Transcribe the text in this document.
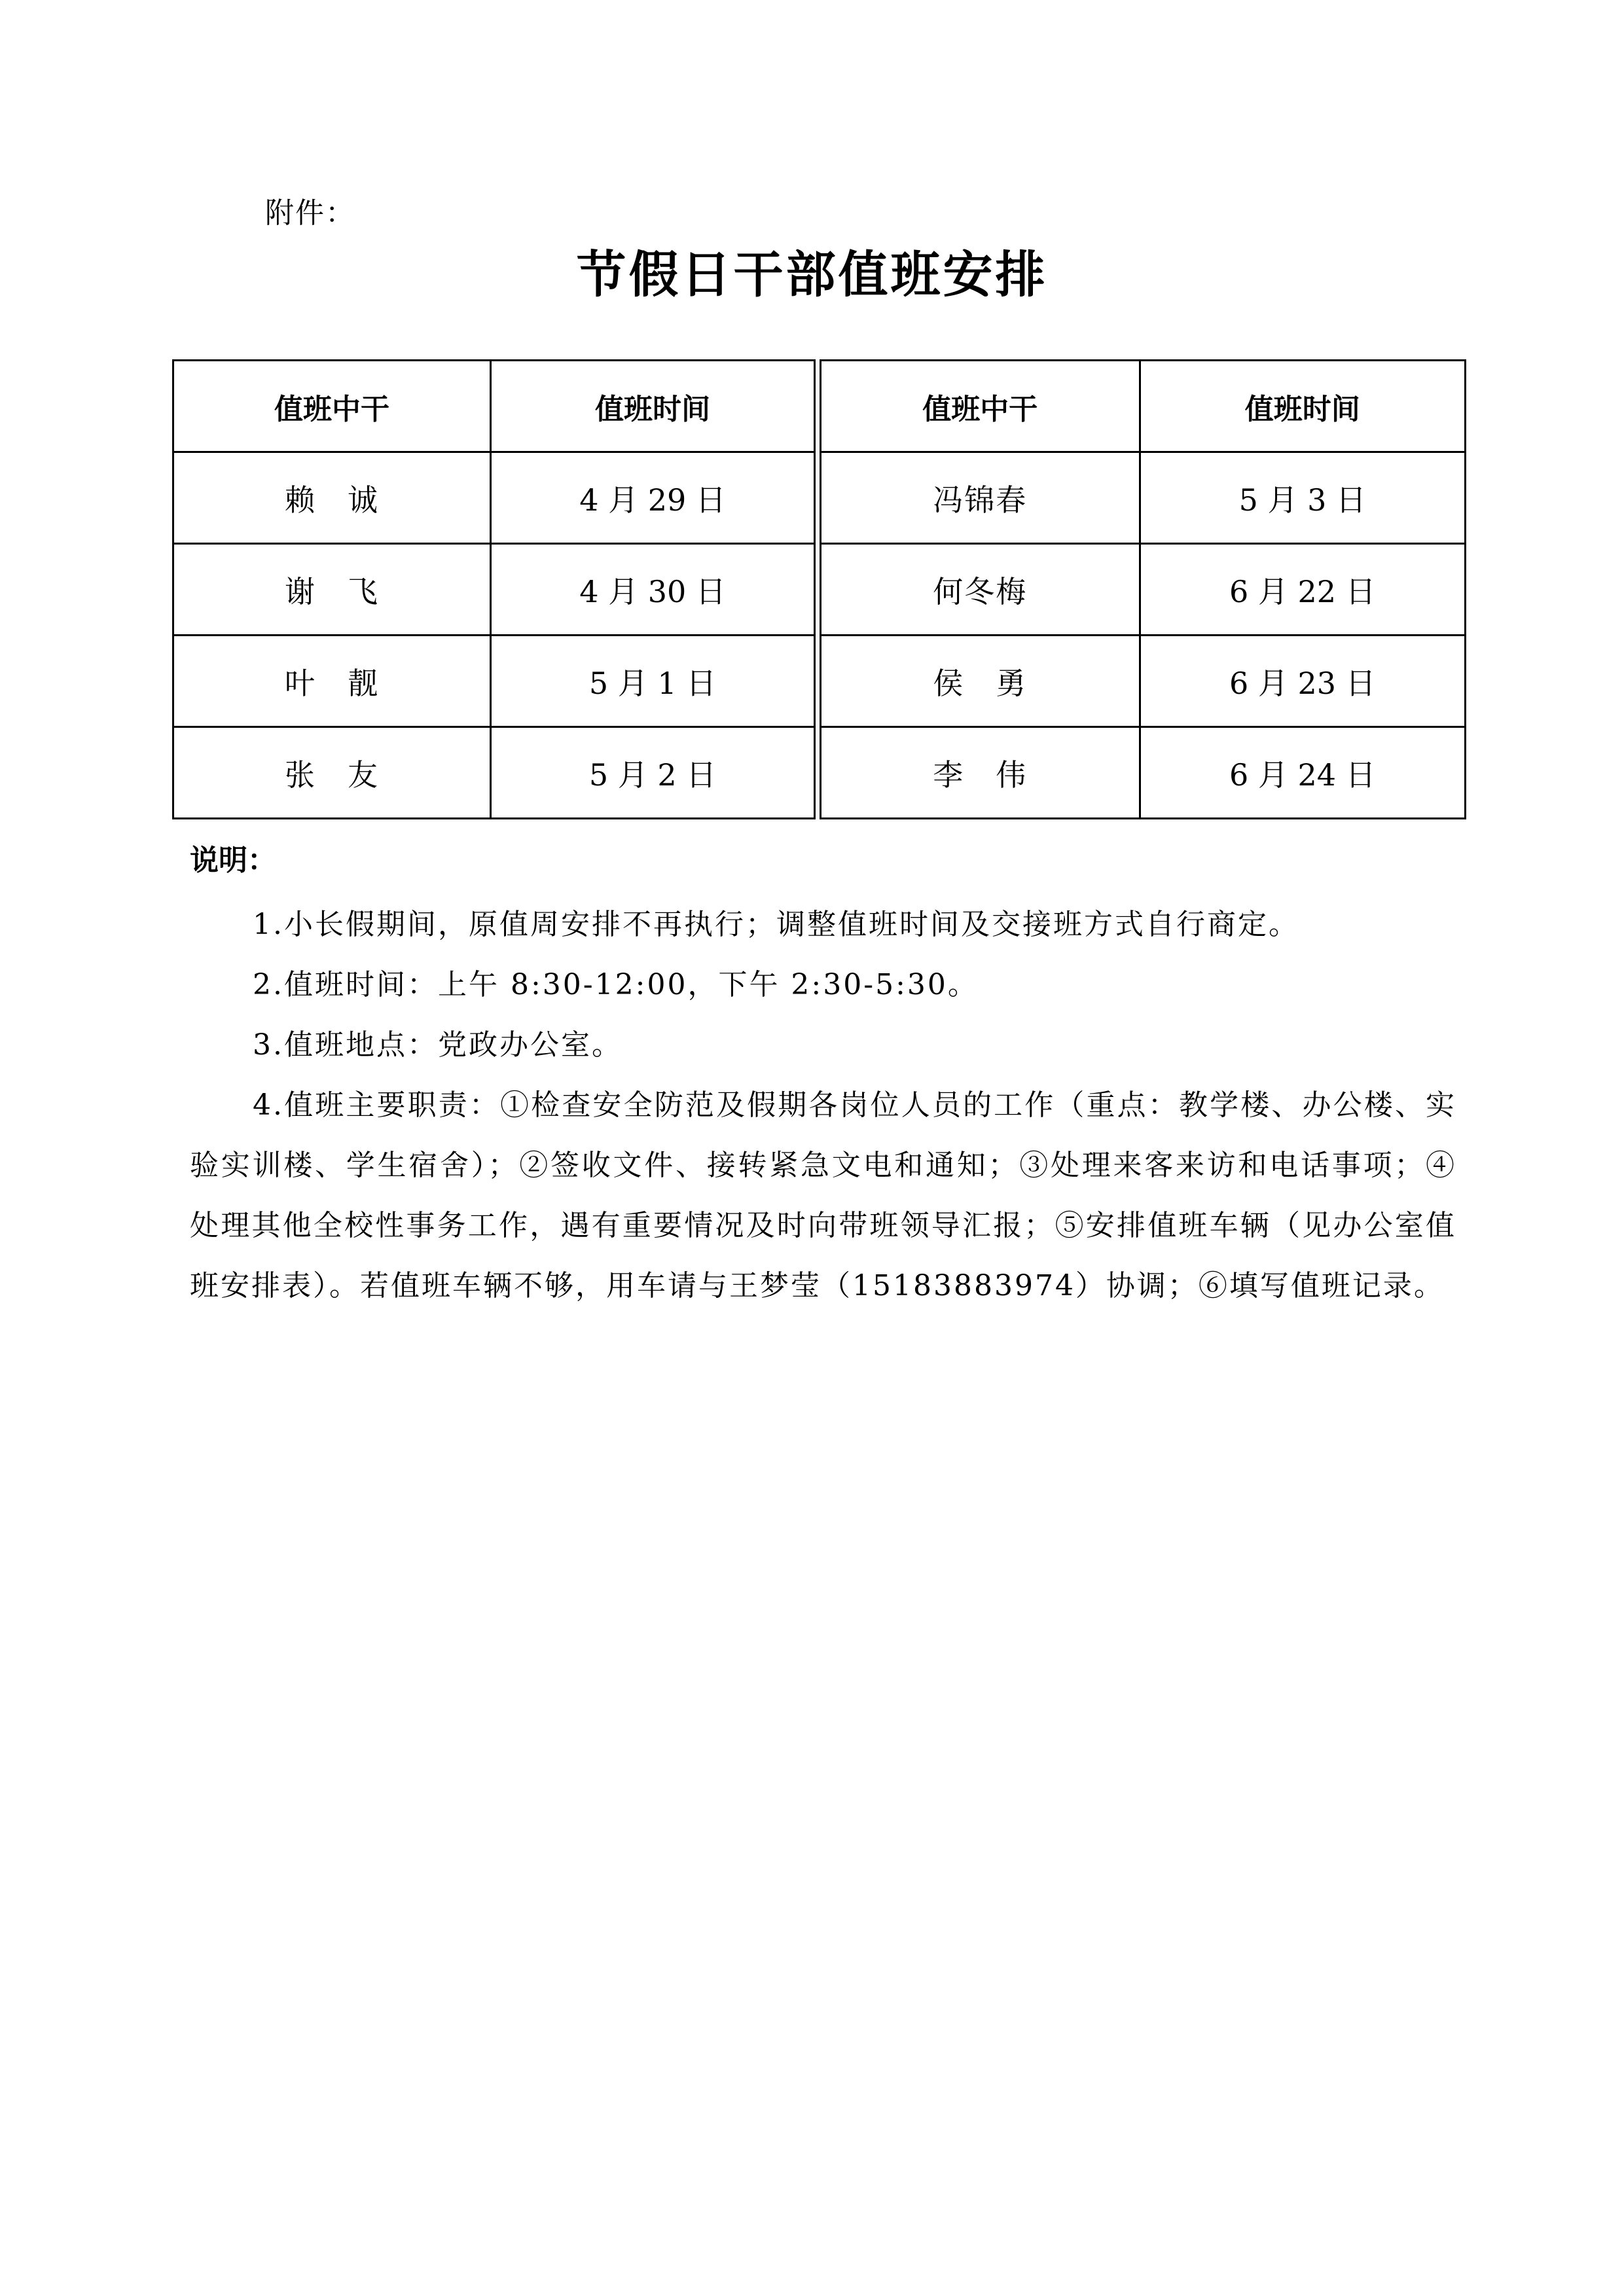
附件：
节假日干部值班安排
值班中干	值班时间
赖　诚	4 月 29 日
谢　飞	4 月 30 日
叶　靓	5 月 1 日
张　友	5 月 2 日
值班中干	值班时间
冯锦春	5 月 3 日
何冬梅	6 月 22 日
侯　勇	6 月 23 日
李　伟	6 月 24 日

说明：

1.小长假期间，原值周安排不再执行；调整值班时间及交接班方式自行商定。

2.值班时间：上午 8:30-12:00，下午 2:30-5:30。

3.值班地点：党政办公室。

4.值班主要职责：①检查安全防范及假期各岗位人员的工作（重点：教学楼、办公楼、实验实训楼、学生宿舍）；②签收文件、接转紧急文电和通知；③处理来客来访和电话事项；④处理其他全校性事务工作，遇有重要情况及时向带班领导汇报；⑤安排值班车辆（见办公室值班安排表）。若值班车辆不够，用车请与王梦莹（15183883974）协调；⑥填写值班记录。
